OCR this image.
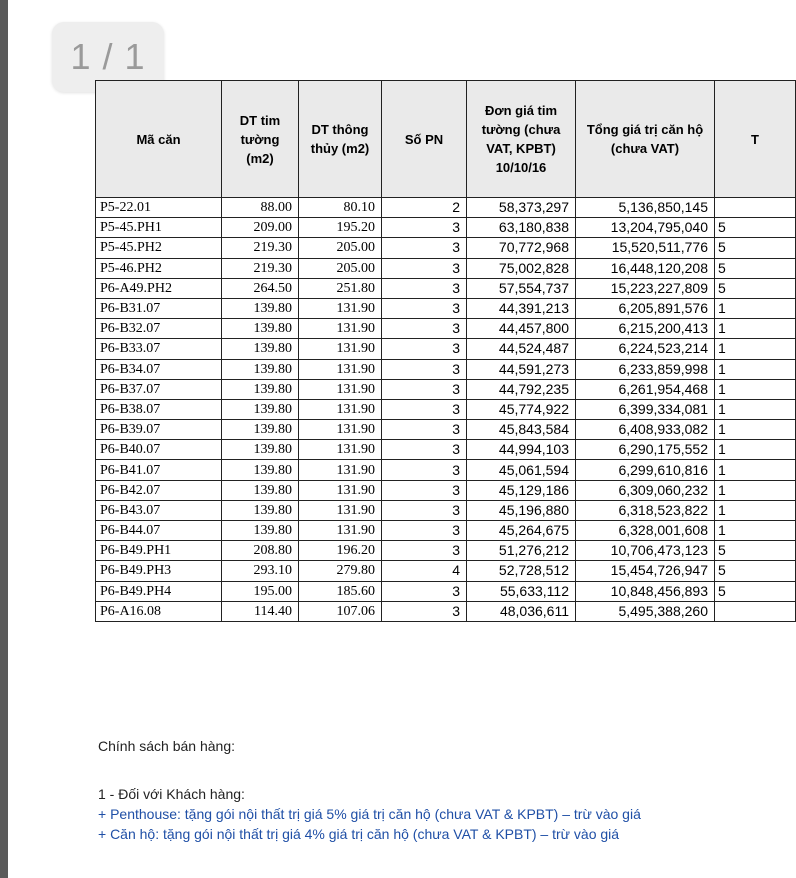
1 / 1
Mã căn	DT tim tường (m2)	DT thông thủy (m2)	Số PN	Đơn giá tim tường (chưa VAT, KPBT) 10/10/16	Tổng giá trị căn hộ (chưa VAT)	T
P5-22.01	88.00	80.10	2	58,373,297	5,136,850,145	
P5-45.PH1	209.00	195.20	3	63,180,838	13,204,795,040	5
P5-45.PH2	219.30	205.00	3	70,772,968	15,520,511,776	5
P5-46.PH2	219.30	205.00	3	75,002,828	16,448,120,208	5
P6-A49.PH2	264.50	251.80	3	57,554,737	15,223,227,809	5
P6-B31.07	139.80	131.90	3	44,391,213	6,205,891,576	1
P6-B32.07	139.80	131.90	3	44,457,800	6,215,200,413	1
P6-B33.07	139.80	131.90	3	44,524,487	6,224,523,214	1
P6-B34.07	139.80	131.90	3	44,591,273	6,233,859,998	1
P6-B37.07	139.80	131.90	3	44,792,235	6,261,954,468	1
P6-B38.07	139.80	131.90	3	45,774,922	6,399,334,081	1
P6-B39.07	139.80	131.90	3	45,843,584	6,408,933,082	1
P6-B40.07	139.80	131.90	3	44,994,103	6,290,175,552	1
P6-B41.07	139.80	131.90	3	45,061,594	6,299,610,816	1
P6-B42.07	139.80	131.90	3	45,129,186	6,309,060,232	1
P6-B43.07	139.80	131.90	3	45,196,880	6,318,523,822	1
P6-B44.07	139.80	131.90	3	45,264,675	6,328,001,608	1
P6-B49.PH1	208.80	196.20	3	51,276,212	10,706,473,123	5
P6-B49.PH3	293.10	279.80	4	52,728,512	15,454,726,947	5
P6-B49.PH4	195.00	185.60	3	55,633,112	10,848,456,893	5
P6-A16.08	114.40	107.06	3	48,036,611	5,495,388,260	
Chính sách bán hàng:
1 - Đối với Khách hàng:
+ Penthouse: tặng gói nội thất trị giá 5% giá trị căn hộ (chưa VAT & KPBT) – trừ vào giá
+ Căn hộ: tặng gói nội thất trị giá 4% giá trị căn hộ (chưa VAT & KPBT) – trừ vào giá
